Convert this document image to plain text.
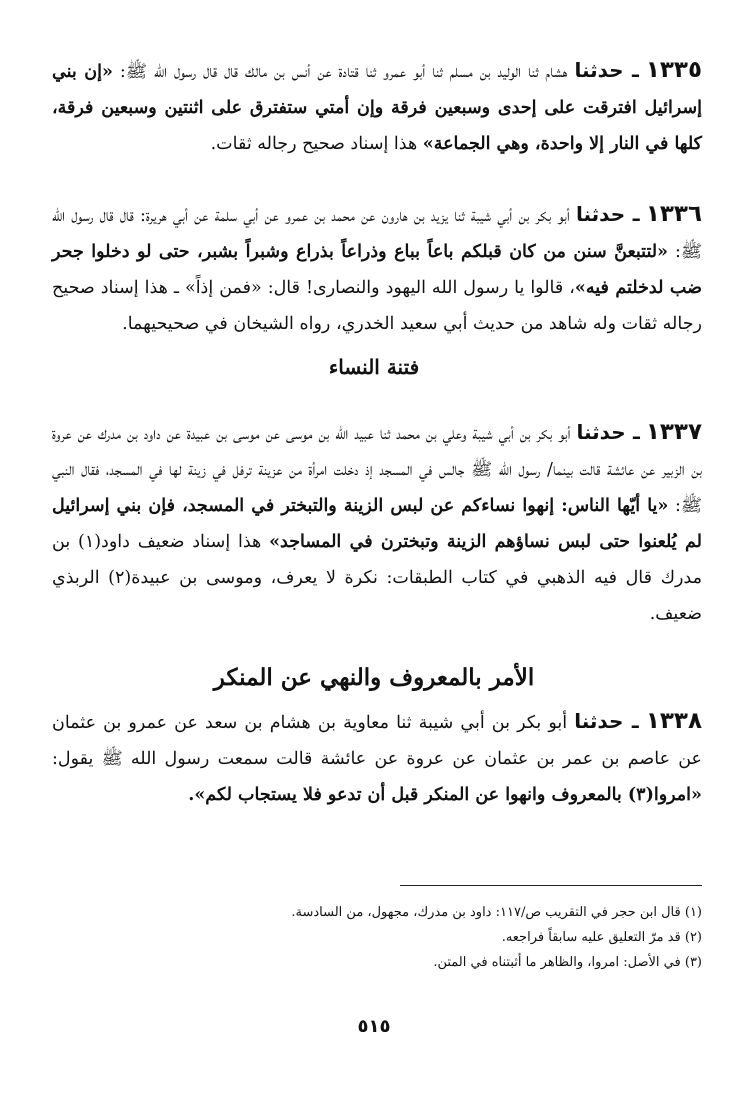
١٣٣٥ ـ حدثنا هشام ثنا الوليد بن مسلم ثنا أبو عمرو ثنا قتادة عن أنس بن مالك قال قال رسول الله ﷺ: «إن بني إسرائيل افترقت على إحدى وسبعين فرقة وإن أمتي ستفترق على اثنتين وسبعين فرقة، كلها في النار إلا واحدة، وهي الجماعة» هذا إسناد صحيح رجاله ثقات.

١٣٣٦ ـ حدثنا أبو بكر بن أبي شيبة ثنا يزيد بن هارون عن محمد بن عمرو عن أبي سلمة عن أبي هريرة: قال قال رسول الله ﷺ: «لتتبعنَّ سنن من كان قبلكم باعاً بباع وذراعاً بذراع وشبراً بشبر، حتى لو دخلوا جحر ضب لدخلتم فيه»، قالوا يا رسول الله اليهود والنصارى! قال: «فمن إذاً» ـ هذا إسناد صحيح رجاله ثقات وله شاهد من حديث أبي سعيد الخدري، رواه الشيخان في صحيحيهما.

فتنة النساء

١٣٣٧ ـ حدثنا أبو بكر بن أبي شيبة وعلي بن محمد ثنا عبيد الله بن موسى عن موسى بن عبيدة عن داود بن مدرك عن عروة بن الزبير عن عائشة قالت بينما/ رسول الله ﷺ جالس في المسجد إذ دخلت امرأة من عزينة ترفل في زينة لها في المسجد، فقال النبي ﷺ: «يا أيّها الناس: إنهوا نساءكم عن لبس الزينة والتبختر في المسجد، فإن بني إسرائيل لم يُلعنوا حتى لبس نساؤهم الزينة وتبخترن في المساجد» هذا إسناد ضعيف داود(١) بن مدرك قال فيه الذهبي في كتاب الطبقات: نكرة لا يعرف، وموسى بن عبيدة(٢) الربذي ضعيف.

الأمر بالمعروف والنهي عن المنكر

١٣٣٨ ـ حدثنا أبو بكر بن أبي شيبة ثنا معاوية بن هشام بن سعد عن عمرو بن عثمان عن عاصم بن عمر بن عثمان عن عروة عن عائشة قالت سمعت رسول الله ﷺ يقول: «امروا(٣) بالمعروف وانهوا عن المنكر قبل أن تدعو فلا يستجاب لكم».

(١) قال ابن حجر في التقريب ص/١١٧: داود بن مدرك، مجهول، من السادسة.

(٢) قد مرّ التعليق عليه سابقاً فراجعه.

(٣) في الأصل: امروا، والظاهر ما أثبتناه في المتن.

٥١٥
